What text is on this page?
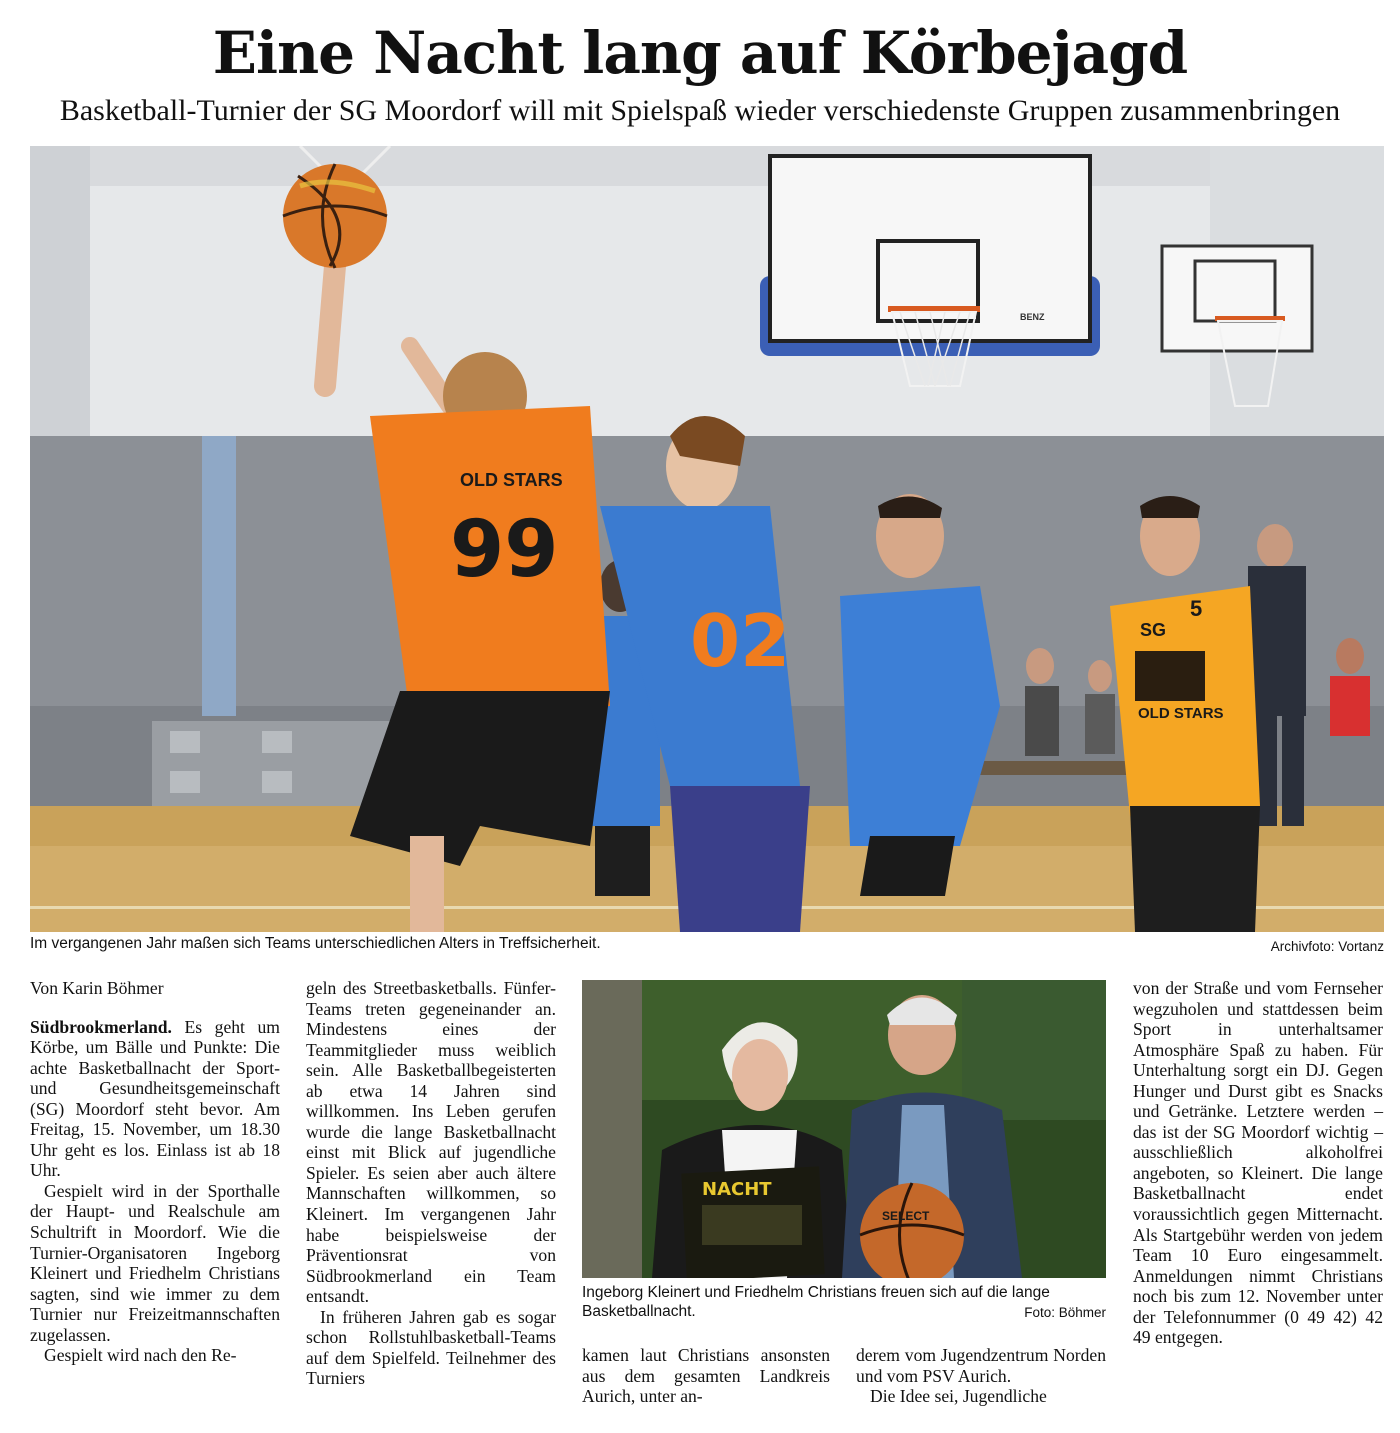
Eine Nacht lang auf Körbejagd
Basketball-Turnier der SG Moordorf will mit Spielspaß wieder verschiedenste Gruppen zusammenbringen
BENZ
OLD STARS
99
02	SG
5
OLD STARS
Im vergangenen Jahr maßen sich Teams unterschiedlichen Alters in Treffsicherheit.	Archivfoto: Vortanz

Von Karin Böhmer

Südbrookmerland. Es geht um Körbe, um Bälle und Punkte: Die achte Basketballnacht der Sport- und Gesundheitsgemeinschaft (SG) Moordorf steht bevor. Am Freitag, 15. November, um 18.30 Uhr geht es los. Einlass ist ab 18 Uhr.

Gespielt wird in der Sporthalle der Haupt- und Realschule am Schultrift in Moordorf. Wie die Turnier-Organisatoren Ingeborg Kleinert und Friedhelm Christians sagten, sind wie immer zu dem Turnier nur Freizeitmannschaften zugelassen.

Gespielt wird nach den Re-

geln des Streetbasketballs. Fünfer-Teams treten gegeneinander an. Mindestens eines der Teammitglieder muss weiblich sein. Alle Basketballbegeisterten ab etwa 14 Jahren sind willkommen. Ins Leben gerufen wurde die lange Basketballnacht einst mit Blick auf jugendliche Spieler. Es seien aber auch ältere Mannschaften willkommen, so Kleinert. Im vergangenen Jahr habe beispielsweise der Präventionsrat von Südbrookmerland ein Team entsandt.

In früheren Jahren gab es sogar schon Rollstuhlbasketball-Teams auf dem Spielfeld. Teilnehmer des Turniers

NACHT
SELECT
Ingeborg Kleinert und Friedhelm Christians freuen sich auf die lange Basketballnacht.	Foto: Böhmer

kamen laut Christians ansonsten aus dem gesamten Landkreis Aurich, unter an-

derem vom Jugendzentrum Norden und vom PSV Aurich.

Die Idee sei, Jugendliche

von der Straße und vom Fernseher wegzuholen und stattdessen beim Sport in unterhaltsamer Atmosphäre Spaß zu haben. Für Unterhaltung sorgt ein DJ. Gegen Hunger und Durst gibt es Snacks und Getränke. Letztere werden – das ist der SG Moordorf wichtig – ausschließlich alkoholfrei angeboten, so Kleinert. Die lange Basketballnacht endet voraussichtlich gegen Mitternacht. Als Startgebühr werden von jedem Team 10 Euro eingesammelt. Anmeldungen nimmt Christians noch bis zum 12. November unter der Telefonnummer (0 49 42) 42 49 entgegen.
